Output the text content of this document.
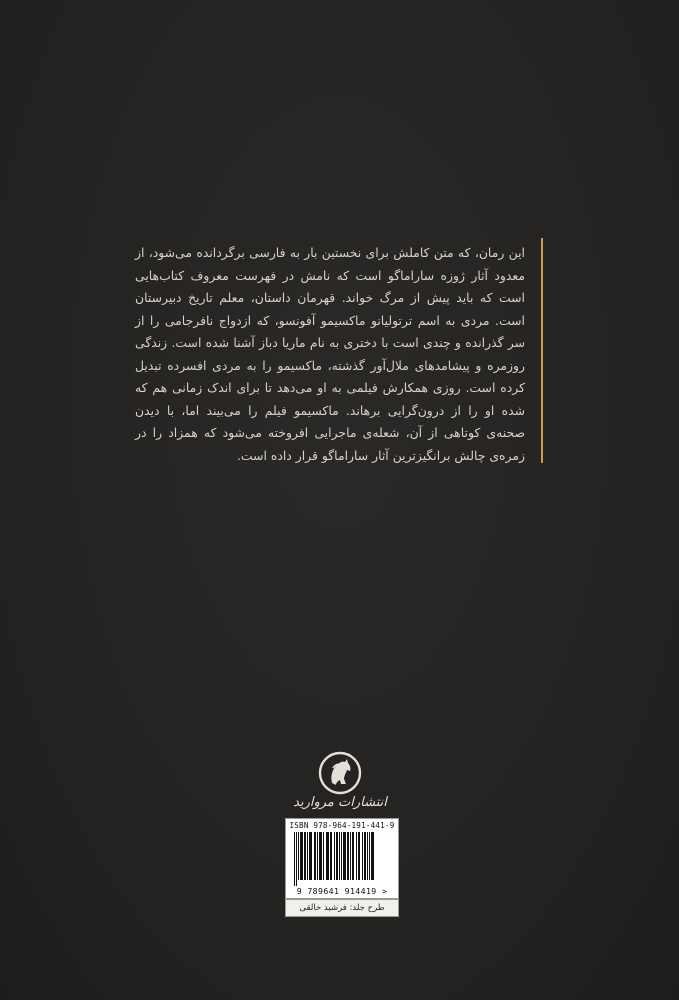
این رمان، که متن کاملش برای نخستین بار به فارسی برگردانده می‌شود، از معدود آثار ژوزه ساراماگو است که نامش در فهرست معروف کتاب‌هایی است که باید پیش از مرگ خواند. قهرمان داستان، معلم تاریخ دبیرستان است. مردی به اسم ترتولیانو ماکسیمو آفونسو، که ازدواج نافرجامی را از سر گذرانده و چندی است با دختری به نام ماریا دباز آشنا شده است. زندگی روزمره و پیشامدهای ملال‌آور گذشته، ماکسیمو را به مردی افسرده تبدیل کرده است. روزی همکارش فیلمی به او می‌دهد تا برای اندک زمانی هم که شده او را از درون‌گرایی برهاند. ماکسیمو فیلم را می‌بیند اما، با دیدن صحنه‌ی کوتاهی از آن، شعله‌ی ماجرایی افروخته می‌شود که همزاد را در زمره‌ی چالش برانگیزترین آثار ساراماگو قرار داده است.

انتشارات مروارید
ISBN 978-964-191-441-9
9 789641 914419 >
طرح جلد: فرشید خالقی
